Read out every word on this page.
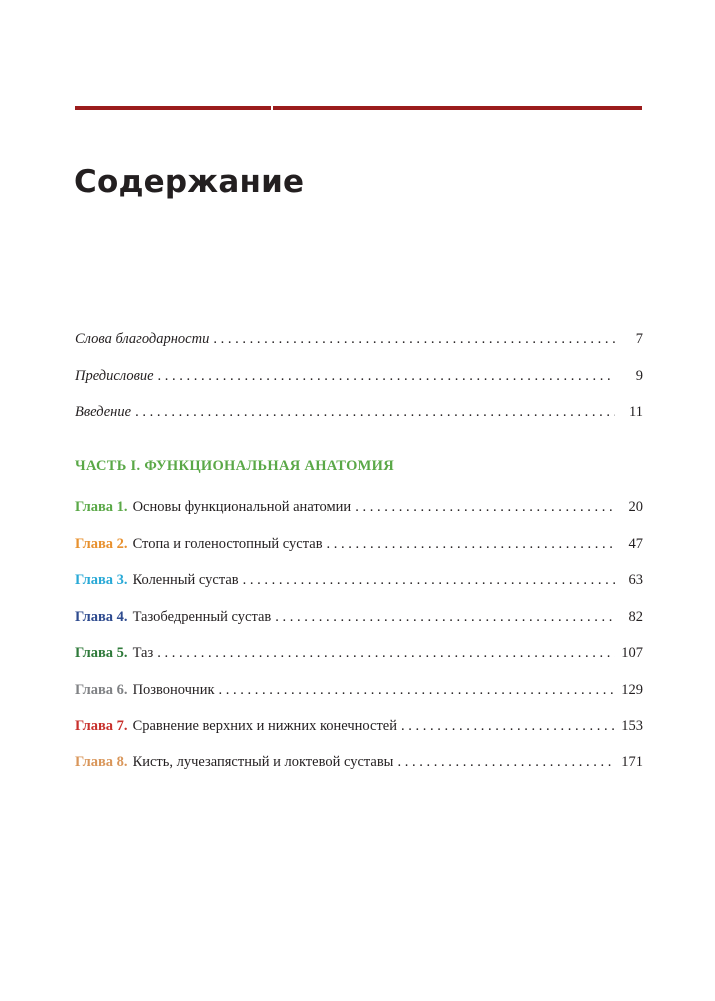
Содержание
Слова благодарности . . .	7
Предисловие . . .	9
Введение . . .	11
ЧАСТЬ I. ФУНКЦИОНАЛЬНАЯ АНАТОМИЯ
Глава 1. Основы функциональной анатомии . . .	20
Глава 2. Стопа и голеностопный сустав . . .	47
Глава 3. Коленный сустав . . .	63
Глава 4. Тазобедренный сустав . . .	82
Глава 5. Таз . . .	107
Глава 6. Позвоночник . . .	129
Глава 7. Сравнение верхних и нижних конечностей . . .	153
Глава 8. Кисть, лучезапястный и локтевой суставы . . .	171
